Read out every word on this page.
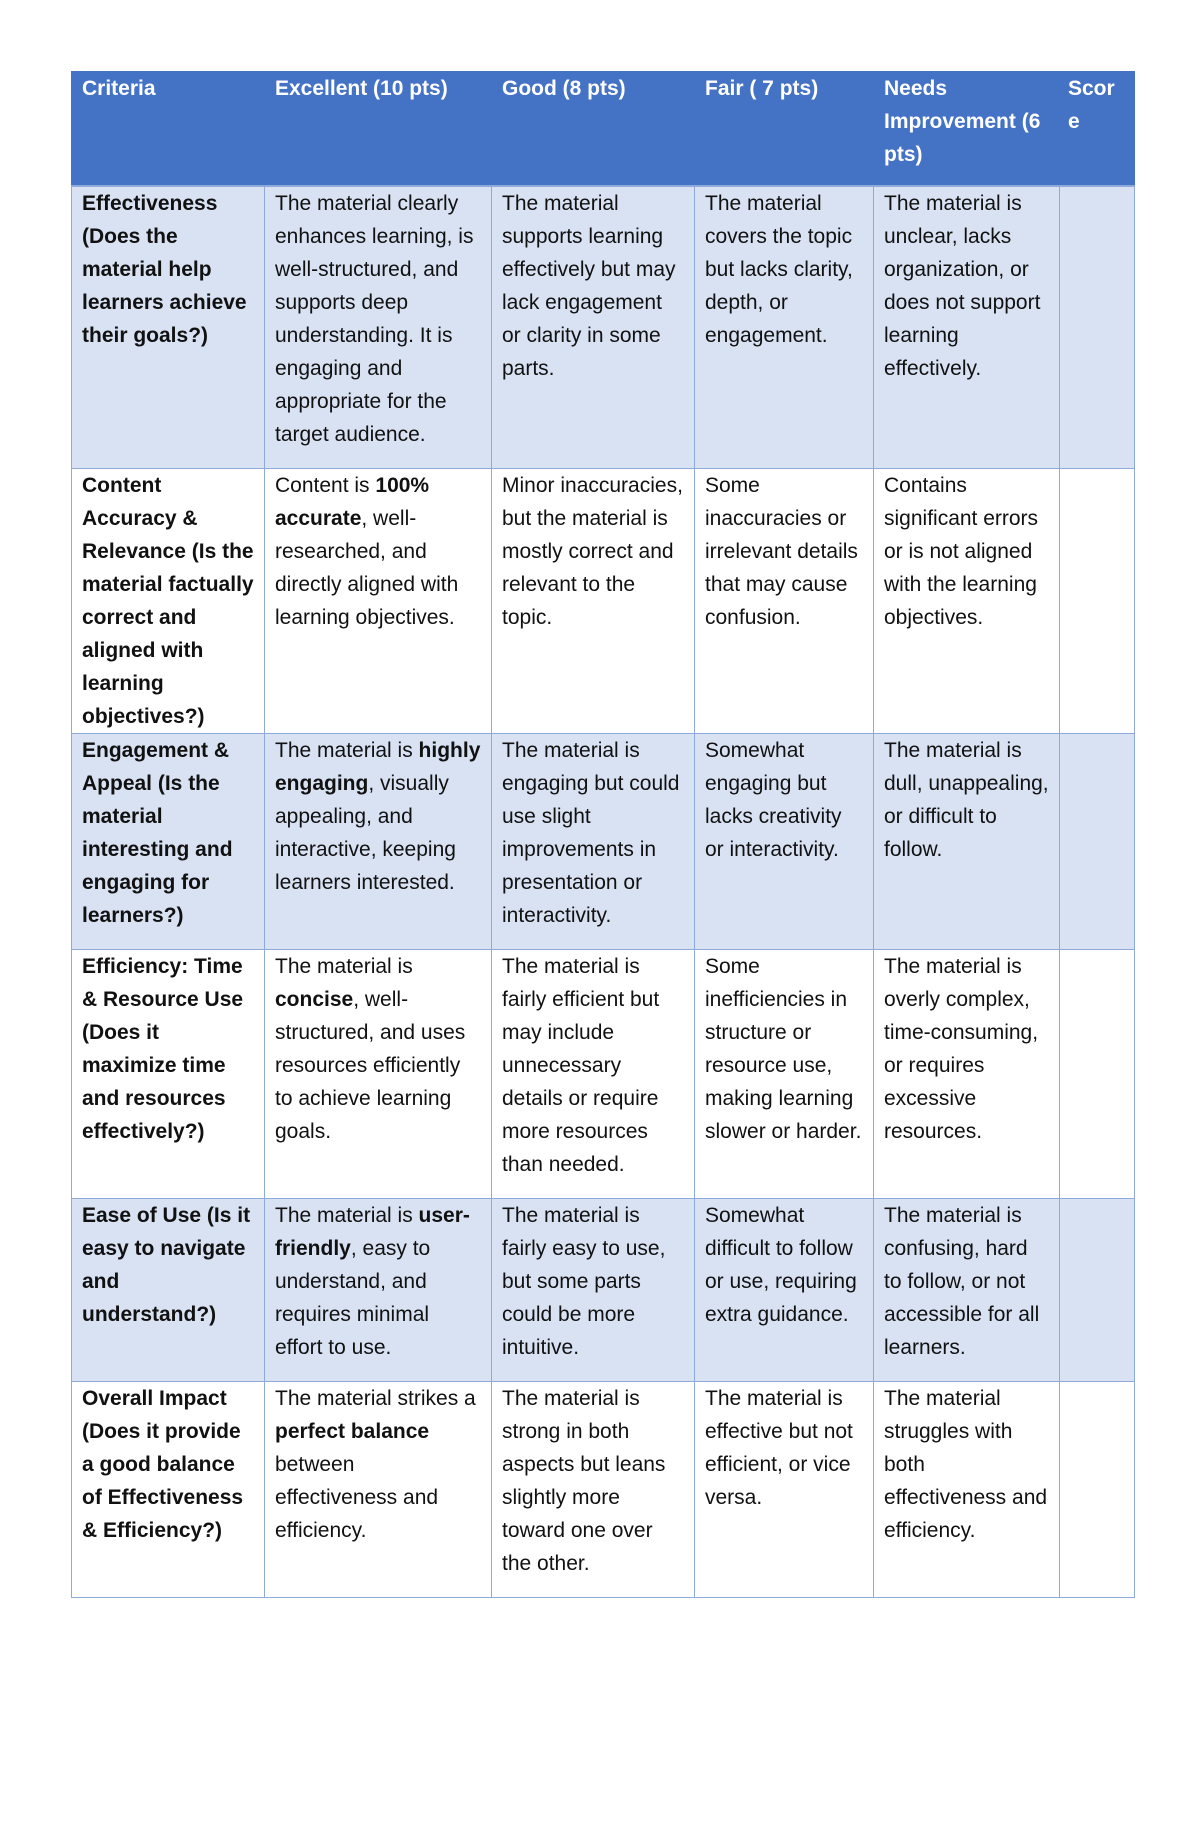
Criteria	Excellent (10 pts)	Good (8 pts)	Fair ( 7 pts)	Needs Improvement (6 pts)	Score
Effectiveness (Does the material help learners achieve their goals?)	The material clearly enhances learning, is well-structured, and supports deep understanding. It is engaging and appropriate for the target audience.	The material supports learning effectively but may lack engagement or clarity in some parts.	The material covers the topic but lacks clarity, depth, or engagement.	The material is unclear, lacks organization, or does not support learning effectively.	
Content Accuracy & Relevance (Is the material factually correct and aligned with learning objectives?)	Content is 100% accurate, well-researched, and directly aligned with learning objectives.	Minor inaccuracies, but the material is mostly correct and relevant to the topic.	Some inaccuracies or irrelevant details that may cause confusion.	Contains significant errors or is not aligned with the learning objectives.	
Engagement & Appeal (Is the material interesting and engaging for learners?)	The material is highly engaging, visually appealing, and interactive, keeping learners interested.	The material is engaging but could use slight improvements in presentation or interactivity.	Somewhat engaging but lacks creativity or interactivity.	The material is dull, unappealing, or difficult to follow.	
Efficiency: Time & Resource Use (Does it maximize time and resources effectively?)	The material is concise, well-structured, and uses resources efficiently to achieve learning goals.	The material is fairly efficient but may include unnecessary details or require more resources than needed.	Some inefficiencies in structure or resource use, making learning slower or harder.	The material is overly complex, time-consuming, or requires excessive resources.	
Ease of Use (Is it easy to navigate and understand?)	The material is user-friendly, easy to understand, and requires minimal effort to use.	The material is fairly easy to use, but some parts could be more intuitive.	Somewhat difficult to follow or use, requiring extra guidance.	The material is confusing, hard to follow, or not accessible for all learners.	
Overall Impact (Does it provide a good balance of Effectiveness & Efficiency?)	The material strikes a perfect balance between effectiveness and efficiency.	The material is strong in both aspects but leans slightly more toward one over the other.	The material is effective but not efficient, or vice versa.	The material struggles with both effectiveness and efficiency.	
